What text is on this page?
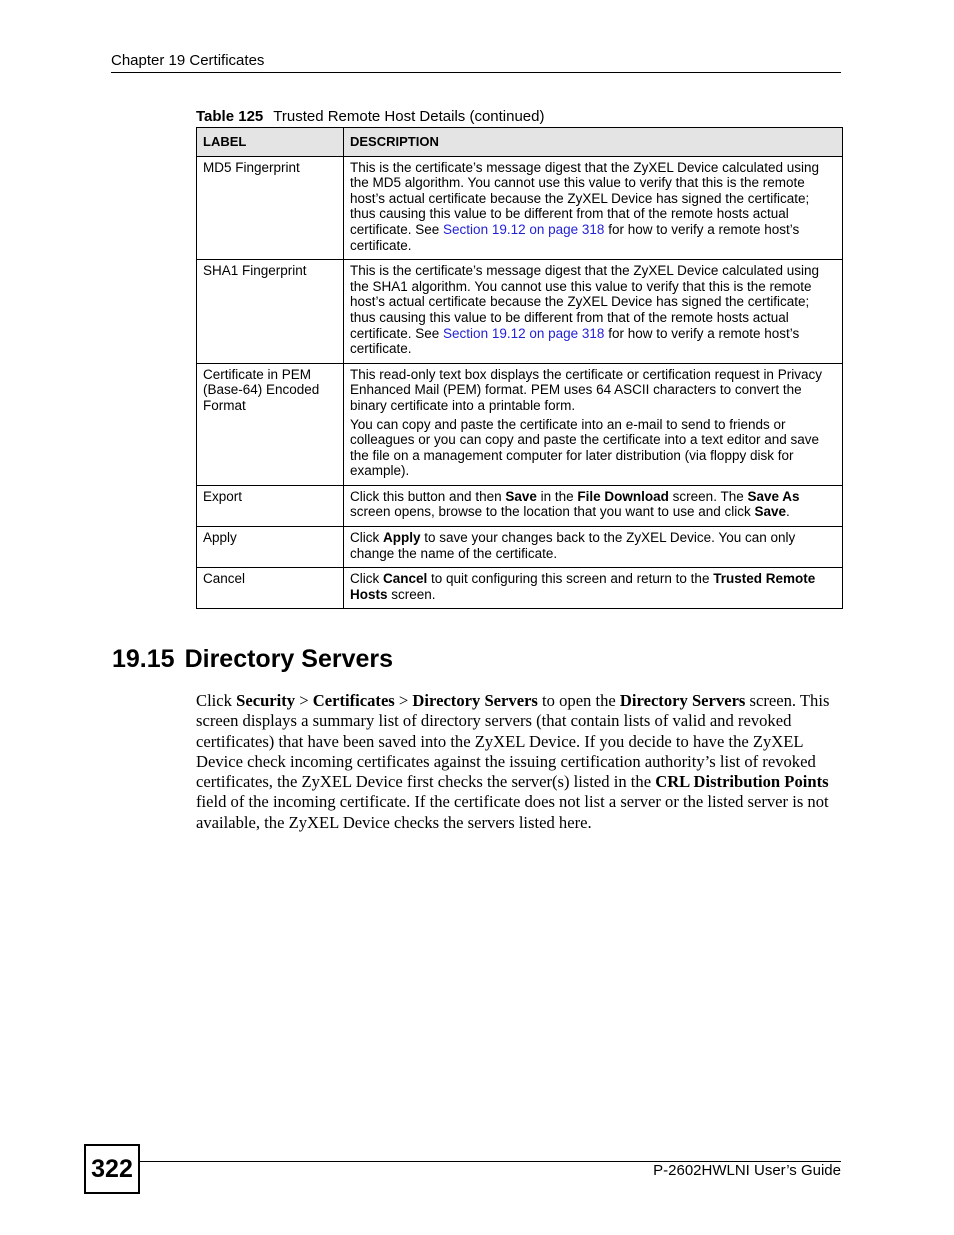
Chapter 19 Certificates
Table 125 Trusted Remote Host Details (continued)
LABEL	DESCRIPTION
MD5 Fingerprint	This is the certificate’s message digest that the ZyXEL Device calculated using the MD5 algorithm. You cannot use this value to verify that this is the remote host’s actual certificate because the ZyXEL Device has signed the certificate; thus causing this value to be different from that of the remote hosts actual certificate. See Section 19.12 on page 318 for how to verify a remote host’s certificate.
SHA1 Fingerprint	This is the certificate’s message digest that the ZyXEL Device calculated using the SHA1 algorithm. You cannot use this value to verify that this is the remote host’s actual certificate because the ZyXEL Device has signed the certificate; thus causing this value to be different from that of the remote hosts actual certificate. See Section 19.12 on page 318 for how to verify a remote host’s certificate.
Certificate in PEM (Base-64) Encoded Format	This read-only text box displays the certificate or certification request in Privacy Enhanced Mail (PEM) format. PEM uses 64 ASCII characters to convert the binary certificate into a printable form.

You can copy and paste the certificate into an e-mail to send to friends or colleagues or you can copy and paste the certificate into a text editor and save the file on a management computer for later distribution (via floppy disk for example).

Export	Click this button and then Save in the File Download screen. The Save As screen opens, browse to the location that you want to use and click Save.
Apply	Click Apply to save your changes back to the ZyXEL Device. You can only change the name of the certificate.
Cancel	Click Cancel to quit configuring this screen and return to the Trusted Remote Hosts screen.
19.15 Directory Servers

Click Security > Certificates > Directory Servers to open the Directory Servers screen. This screen displays a summary list of directory servers (that contain lists of valid and revoked certificates) that have been saved into the ZyXEL Device. If you decide to have the ZyXEL Device check incoming certificates against the issuing certification authority’s list of revoked certificates, the ZyXEL Device first checks the server(s) listed in the CRL Distribution Points field of the incoming certificate. If the certificate does not list a server or the listed server is not available, the ZyXEL Device checks the servers listed here.

322	P-2602HWLNI User’s Guide
